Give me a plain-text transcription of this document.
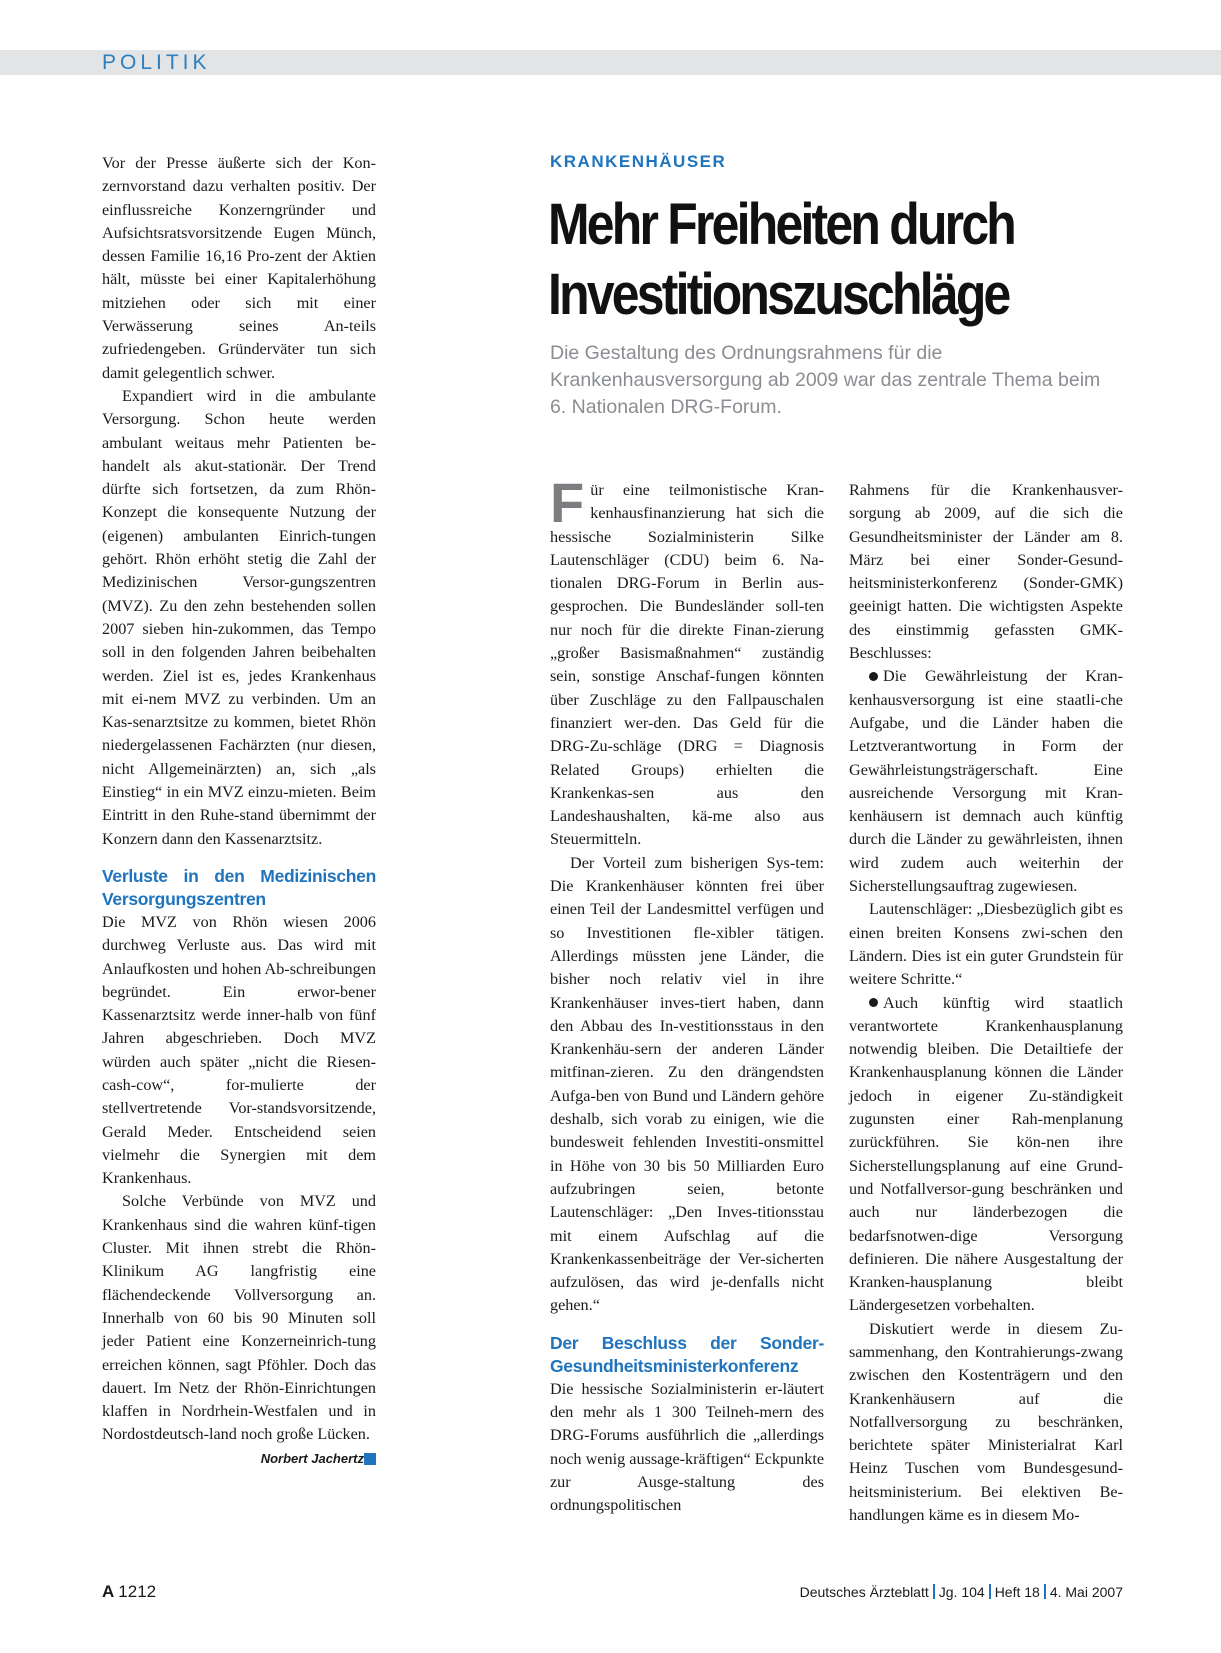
POLITIK

Vor der Presse äußerte sich der Kon-zernvorstand dazu verhalten positiv. Der einflussreiche Konzerngründer und Aufsichtsratsvorsitzende Eugen Münch, dessen Familie 16,16 Pro-zent der Aktien hält, müsste bei einer Kapitalerhöhung mitziehen oder sich mit einer Verwässerung seines An-teils zufriedengeben. Gründerväter tun sich damit gelegentlich schwer.

Expandiert wird in die ambulante Versorgung. Schon heute werden ambulant weitaus mehr Patienten be-handelt als akut-stationär. Der Trend dürfte sich fortsetzen, da zum Rhön-Konzept die konsequente Nutzung der (eigenen) ambulanten Einrich-tungen gehört. Rhön erhöht stetig die Zahl der Medizinischen Versor-gungszentren (MVZ). Zu den zehn bestehenden sollen 2007 sieben hin-zukommen, das Tempo soll in den folgenden Jahren beibehalten werden. Ziel ist es, jedes Krankenhaus mit ei-nem MVZ zu verbinden. Um an Kas-senarztsitze zu kommen, bietet Rhön niedergelassenen Fachärzten (nur diesen, nicht Allgemeinärzten) an, sich „als Einstieg“ in ein MVZ einzu-mieten. Beim Eintritt in den Ruhe-stand übernimmt der Konzern dann den Kassenarztsitz.

Verluste in den Medizinischen Versorgungszentren

Die MVZ von Rhön wiesen 2006 durchweg Verluste aus. Das wird mit Anlaufkosten und hohen Ab-schreibungen begründet. Ein erwor-bener Kassenarztsitz werde inner-halb von fünf Jahren abgeschrieben. Doch MVZ würden auch später „nicht die Riesen-cash-cow“, for-mulierte der stellvertretende Vor-standsvorsitzende, Gerald Meder. Entscheidend seien vielmehr die Synergien mit dem Krankenhaus.

Solche Verbünde von MVZ und Krankenhaus sind die wahren künf-tigen Cluster. Mit ihnen strebt die Rhön-Klinikum AG langfristig eine flächendeckende Vollversorgung an. Innerhalb von 60 bis 90 Minuten soll jeder Patient eine Konzerneinrich-tung erreichen können, sagt Pföhler. Doch das dauert. Im Netz der Rhön-Einrichtungen klaffen in Nordrhein-Westfalen und in Nordostdeutsch-land noch große Lücken.

Norbert Jachertz
KRANKENHÄUSER
Mehr Freiheiten durch
Investitionszuschläge
Die Gestaltung des Ordnungsrahmens für die Krankenhausversorgung ab 2009 war das zentrale Thema beim 6. Nationalen DRG-Forum.

Für eine teilmonistische Kran-kenhausfinanzierung hat sich die hessische Sozialministerin Silke Lautenschläger (CDU) beim 6. Na-tionalen DRG-Forum in Berlin aus-gesprochen. Die Bundesländer soll-ten nur noch für die direkte Finan-zierung „großer Basismaßnahmen“ zuständig sein, sonstige Anschaf-fungen könnten über Zuschläge zu den Fallpauschalen finanziert wer-den. Das Geld für die DRG-Zu-schläge (DRG = Diagnosis Related Groups) erhielten die Krankenkas-sen aus den Landeshaushalten, kä-me also aus Steuermitteln.

Der Vorteil zum bisherigen Sys-tem: Die Krankenhäuser könnten frei über einen Teil der Landesmittel verfügen und so Investitionen fle-xibler tätigen. Allerdings müssten jene Länder, die bisher noch relativ viel in ihre Krankenhäuser inves-tiert haben, dann den Abbau des In-vestitionsstaus in den Krankenhäu-sern der anderen Länder mitfinan-zieren. Zu den drängendsten Aufga-ben von Bund und Ländern gehöre deshalb, sich vorab zu einigen, wie die bundesweit fehlenden Investiti-onsmittel in Höhe von 30 bis 50 Milliarden Euro aufzubringen seien, betonte Lautenschläger: „Den Inves-titionsstau mit einem Aufschlag auf die Krankenkassenbeiträge der Ver-sicherten aufzulösen, das wird je-denfalls nicht gehen.“

Der Beschluss der Sonder-Gesundheitsministerkonferenz

Die hessische Sozialministerin er-läutert den mehr als 1 300 Teilneh-mern des DRG-Forums ausführlich die „allerdings noch wenig aussage-kräftigen“ Eckpunkte zur Ausge-staltung des ordnungspolitischen

Rahmens für die Krankenhausver-sorgung ab 2009, auf die sich die Gesundheitsminister der Länder am 8. März bei einer Sonder-Gesund-heitsministerkonferenz (Sonder-GMK) geeinigt hatten. Die wichtigsten Aspekte des einstimmig gefassten GMK-Beschlusses:

Die Gewährleistung der Kran-kenhausversorgung ist eine staatli-che Aufgabe, und die Länder haben die Letztverantwortung in Form der Gewährleistungsträgerschaft. Eine ausreichende Versorgung mit Kran-kenhäusern ist demnach auch künftig durch die Länder zu gewährleisten, ihnen wird zudem auch weiterhin der Sicherstellungsauftrag zugewiesen.

Lautenschläger: „Diesbezüglich gibt es einen breiten Konsens zwi-schen den Ländern. Dies ist ein guter Grundstein für weitere Schritte.“

Auch künftig wird staatlich verantwortete Krankenhausplanung notwendig bleiben. Die Detailtiefe der Krankenhausplanung können die Länder jedoch in eigener Zu-ständigkeit zugunsten einer Rah-menplanung zurückführen. Sie kön-nen ihre Sicherstellungsplanung auf eine Grund- und Notfallversor-gung beschränken und auch nur länderbezogen die bedarfsnotwen-dige Versorgung definieren. Die nähere Ausgestaltung der Kranken-hausplanung bleibt Ländergesetzen vorbehalten.

Diskutiert werde in diesem Zu-sammenhang, den Kontrahierungs-zwang zwischen den Kostenträgern und den Krankenhäusern auf die Notfallversorgung zu beschränken, berichtete später Ministerialrat Karl Heinz Tuschen vom Bundesgesund-heitsministerium. Bei elektiven Be-handlungen käme es in diesem Mo-

A 1212	Deutsches Ärzteblatt Jg. 104 Heft 18 4. Mai 2007
